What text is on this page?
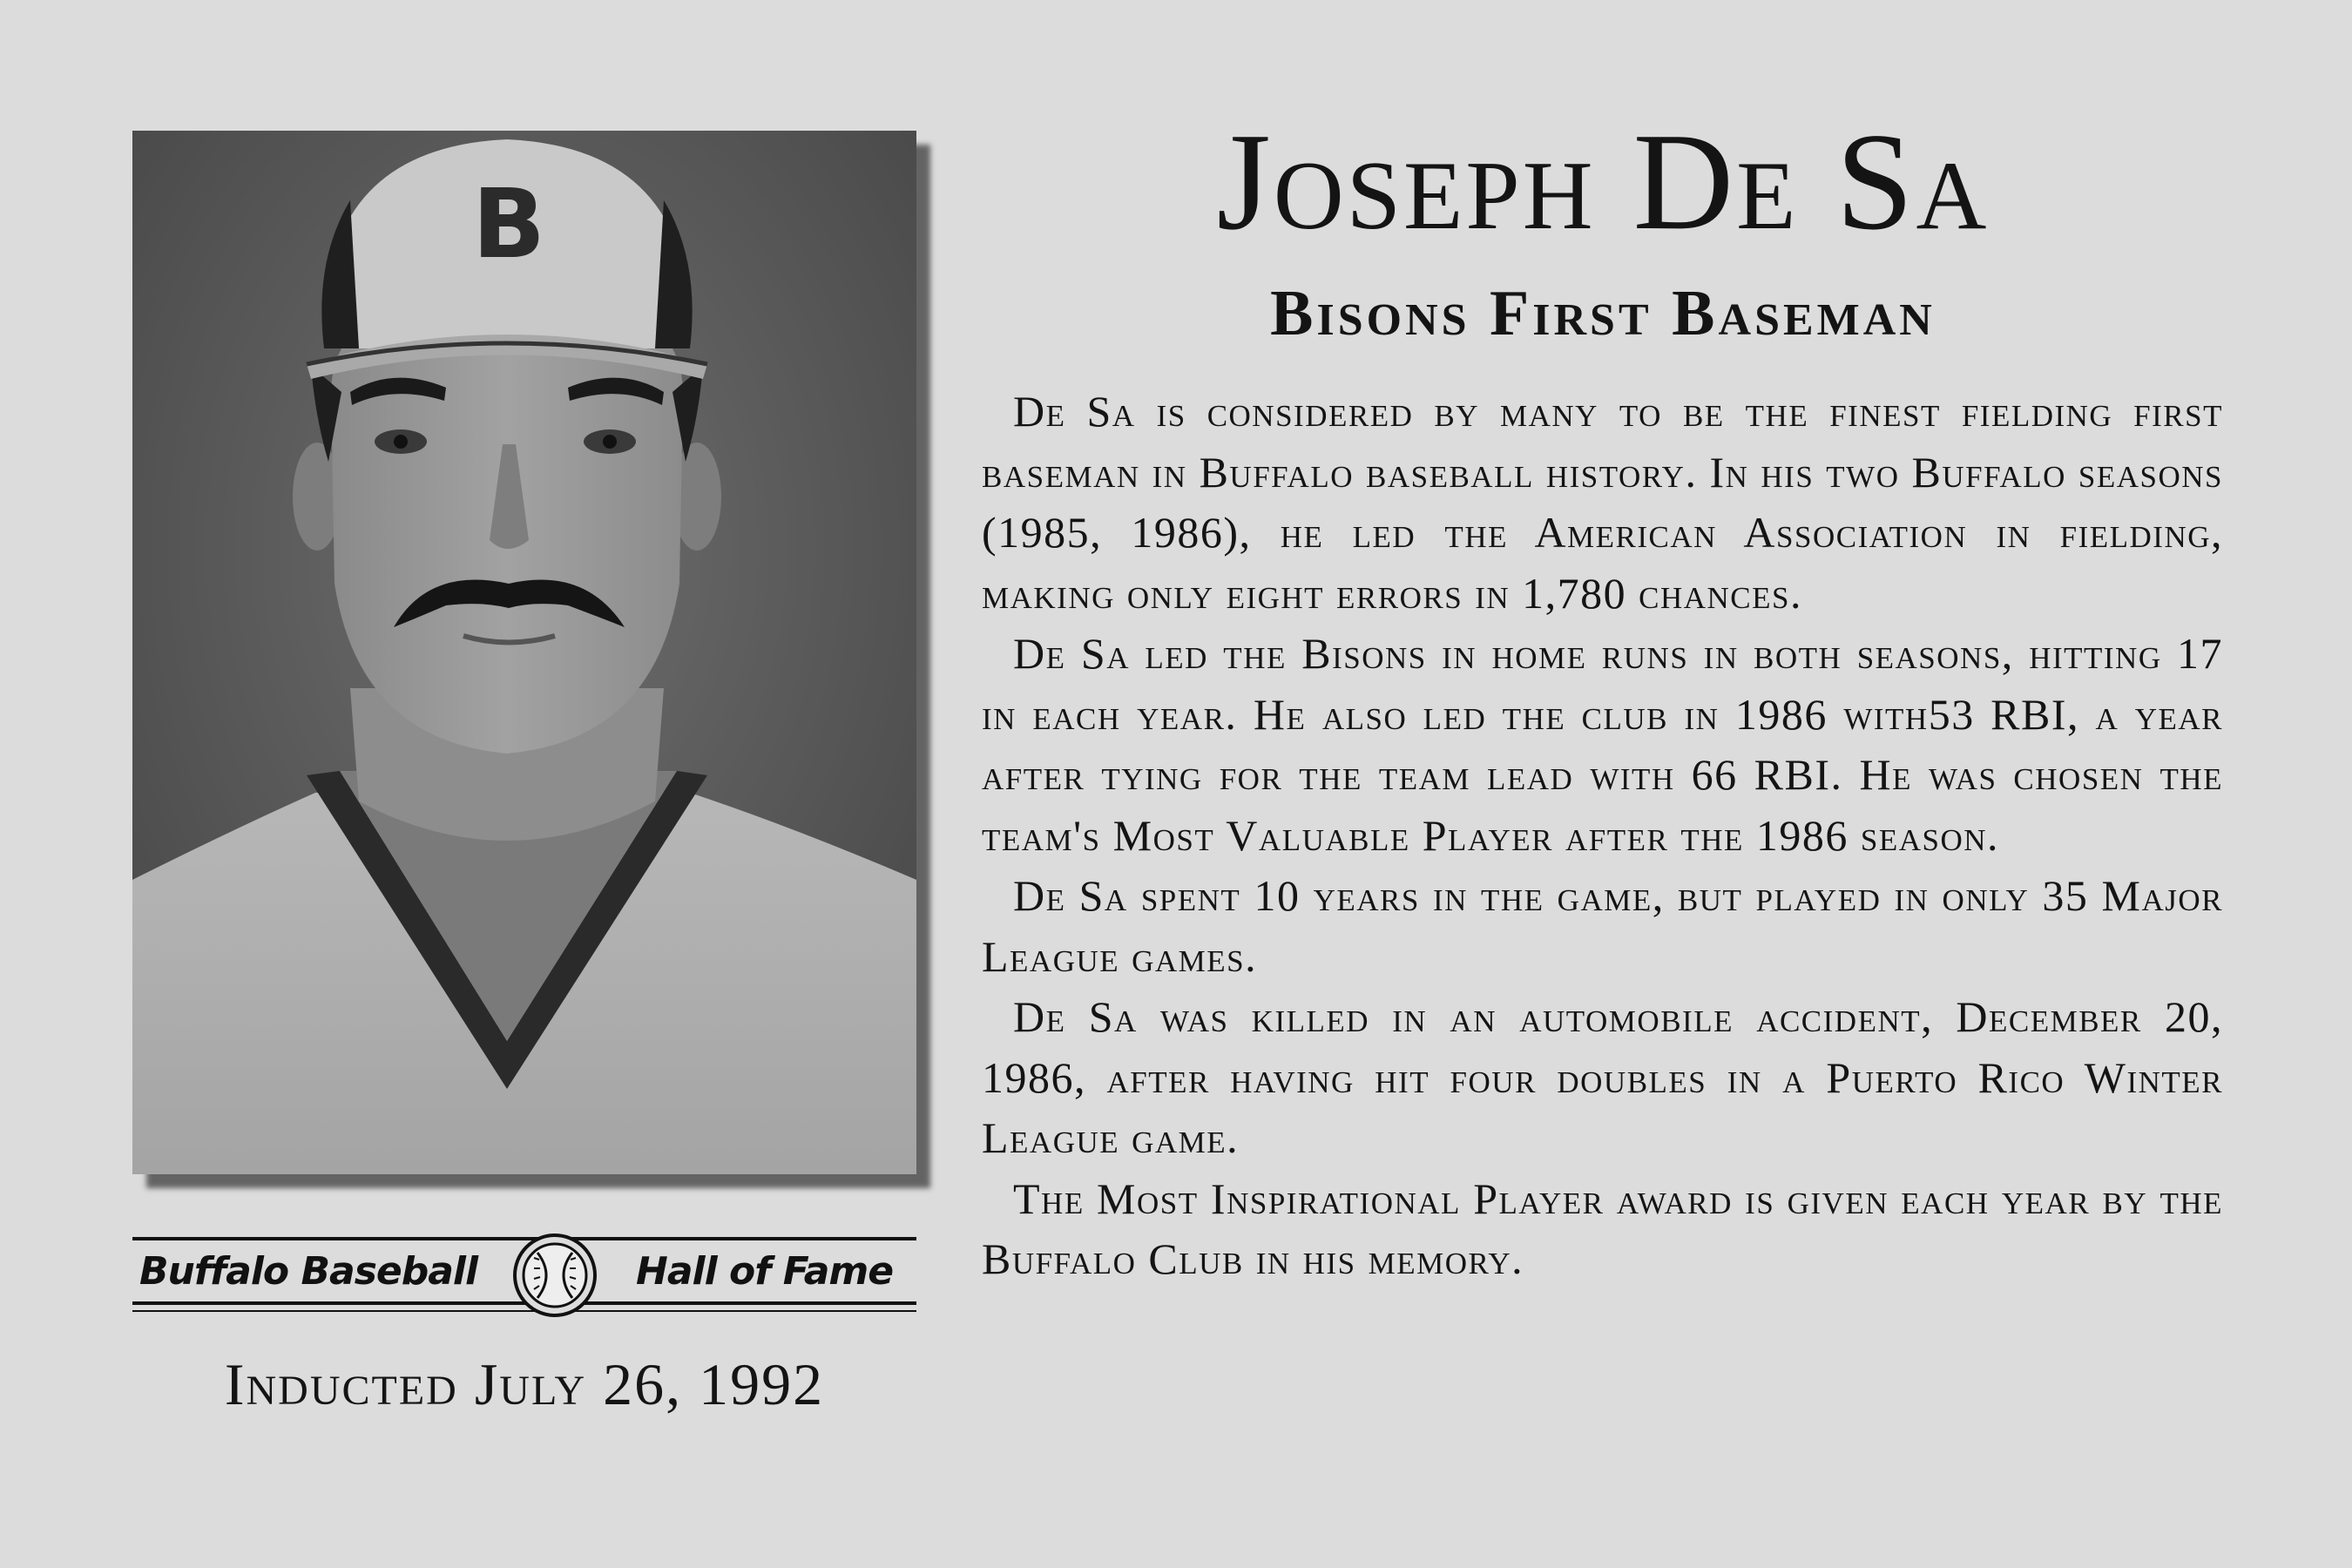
B
Buffalo Baseball	Hall of Fame
Inducted July 26, 1992
Joseph De Sa
Bisons First Baseman

De Sa is considered by many to be the finest fielding first baseman in Buffalo baseball history. In his two Buffalo seasons (1985, 1986), he led the American Association in fielding, making only eight errors in 1,780 chances.

De Sa led the Bisons in home runs in both seasons, hitting 17 in each year. He also led the club in 1986 with53 RBI, a year after tying for the team lead with 66 RBI. He was chosen the team's Most Valuable Player after the 1986 season.

De Sa spent 10 years in the game, but played in only 35 Major League games.

De Sa was killed in an automobile accident, December 20, 1986, after having hit four doubles in a Puerto Rico Winter League game.

The Most Inspirational Player award is given each year by the Buffalo Club in his memory.
